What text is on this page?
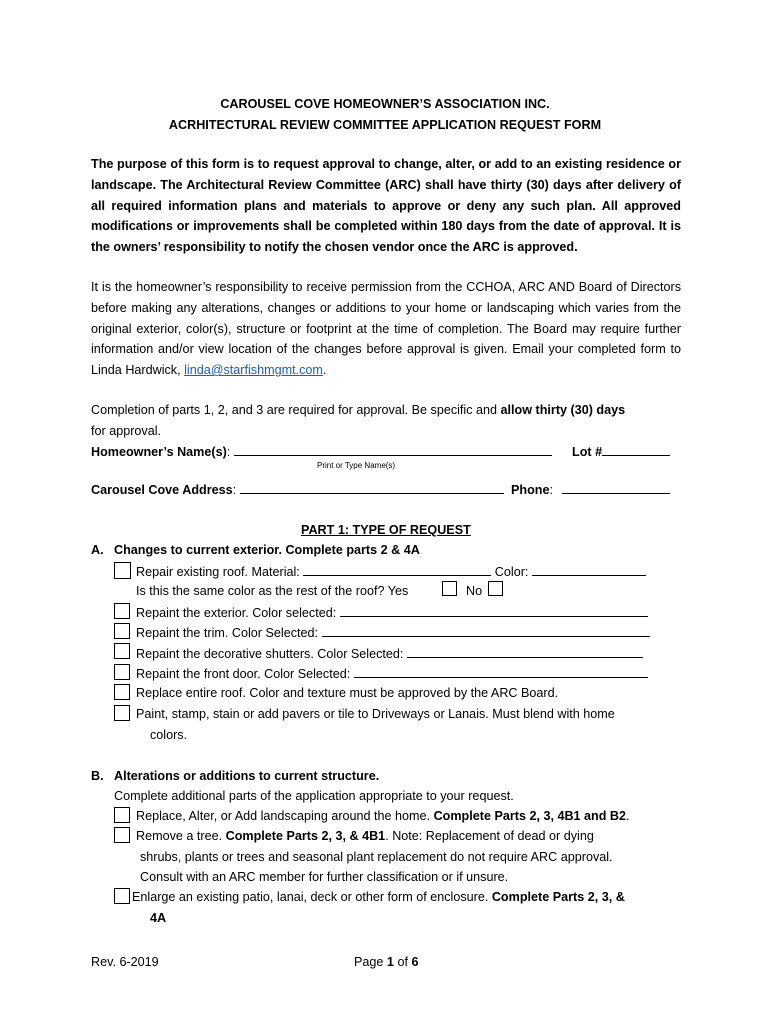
CAROUSEL COVE HOMEOWNER’S ASSOCIATION INC.
ACRHITECTURAL REVIEW COMMITTEE APPLICATION REQUEST FORM
The purpose of this form is to request approval to change, alter, or add to an existing residence or landscape. The Architectural Review Committee (ARC) shall have thirty (30) days after delivery of all required information plans and materials to approve or deny any such plan. All approved modifications or improvements shall be completed within 180 days from the date of approval. It is the owners’ responsibility to notify the chosen vendor once the ARC is approved.
It is the homeowner’s responsibility to receive permission from the CCHOA, ARC AND Board of Directors before making any alterations, changes or additions to your home or landscaping which varies from the original exterior, color(s), structure or footprint at the time of completion. The Board may require further information and/or view location of the changes before approval is given. Email your completed form to Linda Hardwick, linda@starfishmgmt.com.
Completion of parts 1, 2, and 3 are required for approval. Be specific and allow thirty (30) days
for approval.
Homeowner’s Name(s):	Lot #
Print or Type Name(s)
Carousel Cove Address:	Phone:
PART 1: TYPE OF REQUEST
A. Changes to current exterior. Complete parts 2 & 4A
Repair existing roof. Material:	Color:
Is this the same color as the rest of the roof? Yes	No
Repaint the exterior. Color selected:
Repaint the trim. Color Selected:
Repaint the decorative shutters. Color Selected:
Repaint the front door. Color Selected:
Replace entire roof. Color and texture must be approved by the ARC Board.
Paint, stamp, stain or add pavers or tile to Driveways or Lanais. Must blend with home
colors.
B. Alterations or additions to current structure.
Complete additional parts of the application appropriate to your request.
Replace, Alter, or Add landscaping around the home. Complete Parts 2, 3, 4B1 and B2.
Remove a tree. Complete Parts 2, 3, & 4B1. Note: Replacement of dead or dying
shrubs, plants or trees and seasonal plant replacement do not require ARC approval.
Consult with an ARC member for further classification or if unsure.
Enlarge an existing patio, lanai, deck or other form of enclosure. Complete Parts 2, 3, &
4A
Rev. 6-2019	Page 1 of 6
